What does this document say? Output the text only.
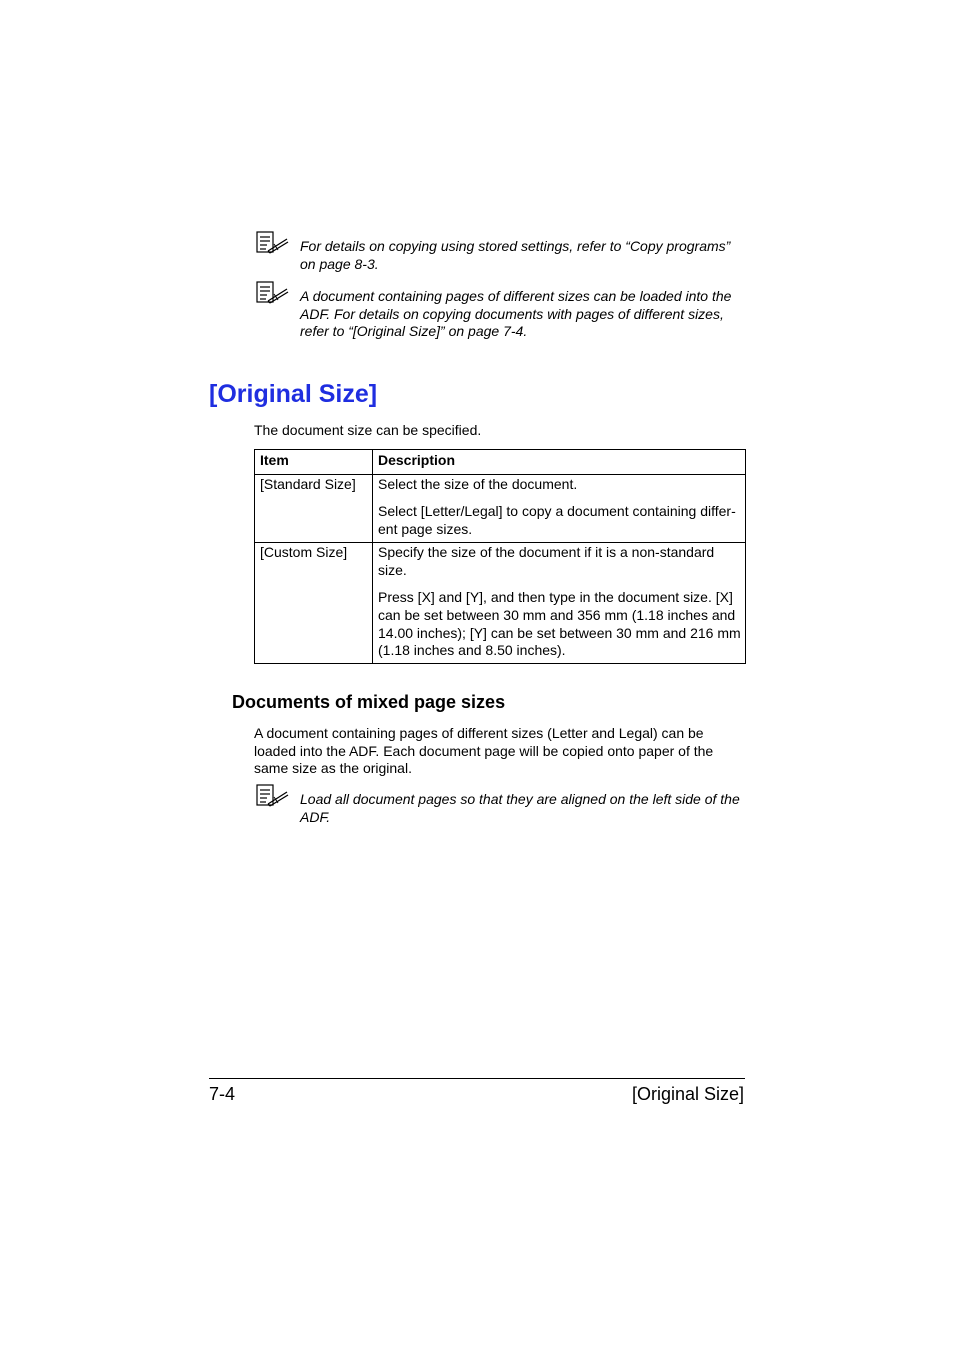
For details on copying using stored settings, refer to “Copy programs” on page 8-3.
A document containing pages of different sizes can be loaded into the ADF. For details on copying documents with pages of different sizes, refer to “[Original Size]” on page 7-4.
[Original Size]
The document size can be specified.
Item	Description
[Standard Size]	Select the size of the document.

Select [Letter/Legal] to copy a document containing differ-ent page sizes.

[Custom Size]	Specify the size of the document if it is a non-standard size.

Press [X] and [Y], and then type in the document size. [X] can be set between 30 mm and 356 mm (1.18 inches and 14.00 inches); [Y] can be set between 30 mm and 216 mm (1.18 inches and 8.50 inches).

Documents of mixed page sizes
A document containing pages of different sizes (Letter and Legal) can be loaded into the ADF. Each document page will be copied onto paper of the same size as the original.
Load all document pages so that they are aligned on the left side of the ADF.
7-4	[Original Size]
